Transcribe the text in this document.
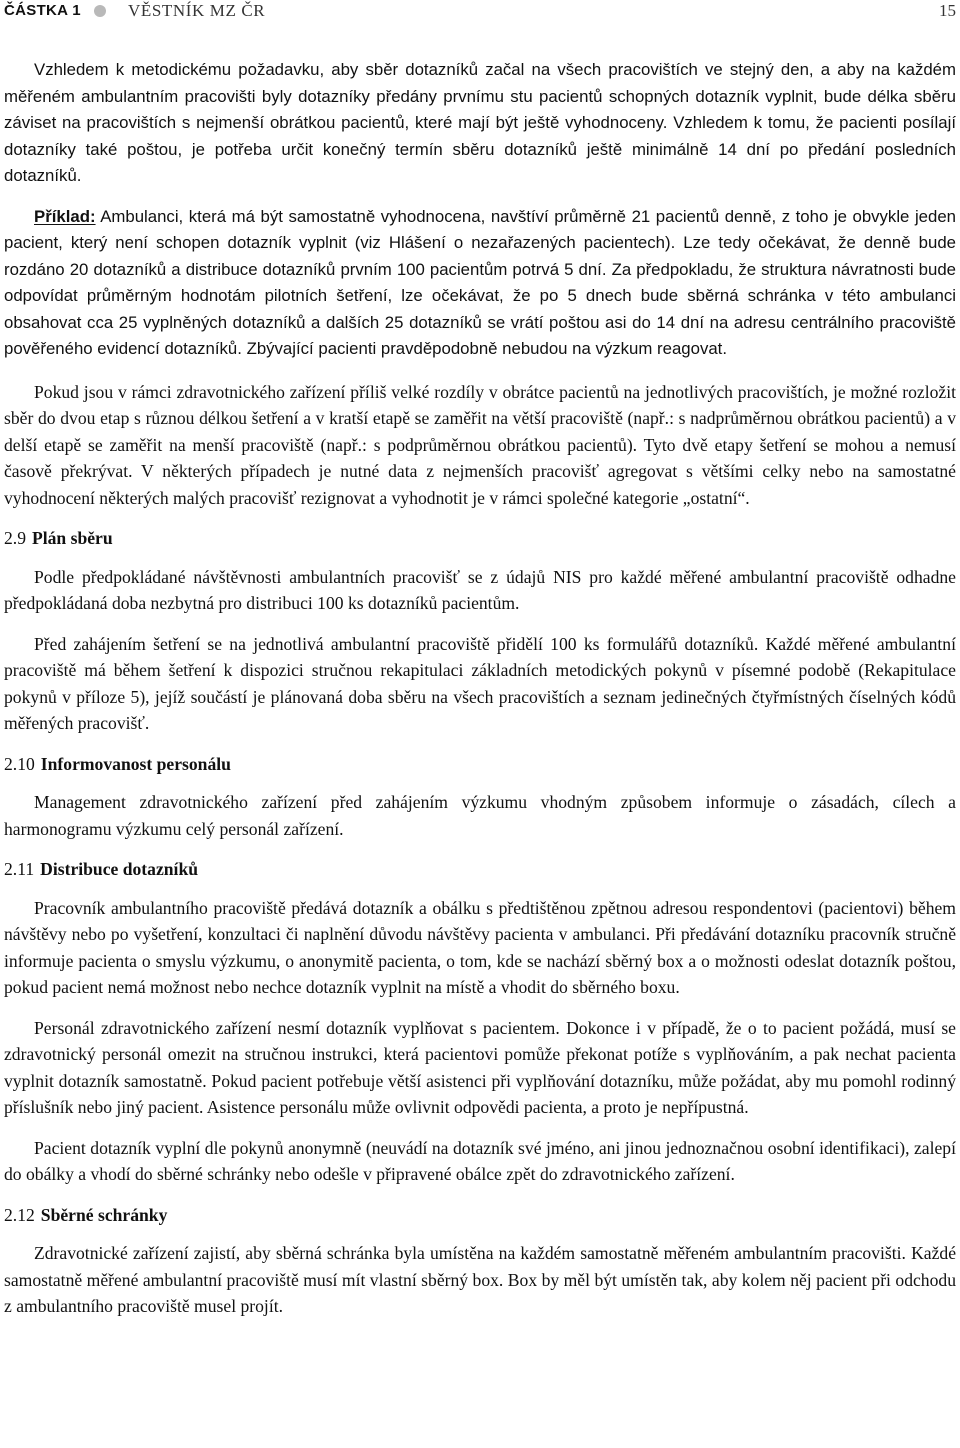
ČÁSTKA 1	VĚSTNÍK MZ ČR	15

Vzhledem k metodickému požadavku, aby sběr dotazníků začal na všech pracovištích ve stejný den, a aby na každém měřeném ambulantním pracovišti byly dotazníky předány prvnímu stu pacientů schopných dotazník vyplnit, bude délka sběru záviset na pracovištích s nejmenší obrátkou pacientů, které mají být ještě vyhodnoceny. Vzhledem k tomu, že pacienti posílají dotazníky také poštou, je potřeba určit konečný termín sběru dotazníků ještě minimálně 14 dní po předání posledních dotazníků.

Příklad: Ambulanci, která má být samostatně vyhodnocena, navštíví průměrně 21 pacientů denně, z toho je obvykle jeden pacient, který není schopen dotazník vyplnit (viz Hlášení o nezařazených pacientech). Lze tedy očekávat, že denně bude rozdáno 20 dotazníků a distribuce dotazníků prvním 100 pacientům potrvá 5 dní. Za předpokladu, že struktura návratnosti bude odpovídat průměrným hodnotám pilotních šetření, lze očekávat, že po 5 dnech bude sběrná schránka v této ambulanci obsahovat cca 25 vyplněných dotazníků a dalších 25 dotazníků se vrátí poštou asi do 14 dní na adresu centrálního pracoviště pověřeného evidencí dotazníků. Zbývající pacienti pravděpodobně nebudou na výzkum reagovat.

Pokud jsou v rámci zdravotnického zařízení příliš velké rozdíly v obrátce pacientů na jednotlivých pracovištích, je možné rozložit sběr do dvou etap s různou délkou šetření a v kratší etapě se zaměřit na větší pracoviště (např.: s nadprůměrnou obrátkou pacientů) a v delší etapě se zaměřit na menší pracoviště (např.: s podprůměrnou obrátkou pacientů). Tyto dvě etapy šetření se mohou a nemusí časově překrývat. V některých případech je nutné data z nejmenších pracovišť agregovat s většími celky nebo na samostatné vyhodnocení některých malých pracovišť rezignovat a vyhodnotit je v rámci společné kategorie „ostatní“.

2.9 Plán sběru

Podle předpokládané návštěvnosti ambulantních pracovišť se z údajů NIS pro každé měřené ambulantní pracoviště odhadne předpokládaná doba nezbytná pro distribuci 100 ks dotazníků pacientům.

Před zahájením šetření se na jednotlivá ambulantní pracoviště přidělí 100 ks formulářů dotazníků. Každé měřené ambulantní pracoviště má během šetření k dispozici stručnou rekapitulaci základních metodických pokynů v písemné podobě (Rekapitulace pokynů v příloze 5), jejíž součástí je plánovaná doba sběru na všech pracovištích a seznam jedinečných čtyřmístných číselných kódů měřených pracovišť.

2.10 Informovanost personálu

Management zdravotnického zařízení před zahájením výzkumu vhodným způsobem informuje o zásadách, cílech a harmonogramu výzkumu celý personál zařízení.

2.11 Distribuce dotazníků

Pracovník ambulantního pracoviště předává dotazník a obálku s předtištěnou zpětnou adresou respondentovi (pacientovi) během návštěvy nebo po vyšetření, konzultaci či naplnění důvodu návštěvy pacienta v ambulanci. Při předávání dotazníku pracovník stručně informuje pacienta o smyslu výzkumu, o anonymitě pacienta, o tom, kde se nachází sběrný box a o možnosti odeslat dotazník poštou, pokud pacient nemá možnost nebo nechce dotazník vyplnit na místě a vhodit do sběrného boxu.

Personál zdravotnického zařízení nesmí dotazník vyplňovat s pacientem. Dokonce i v případě, že o to pacient požádá, musí se zdravotnický personál omezit na stručnou instrukci, která pacientovi pomůže překonat potíže s vyplňováním, a pak nechat pacienta vyplnit dotazník samostatně. Pokud pacient potřebuje větší asistenci při vyplňování dotazníku, může požádat, aby mu pomohl rodinný příslušník nebo jiný pacient. Asistence personálu může ovlivnit odpovědi pacienta, a proto je nepřípustná.

Pacient dotazník vyplní dle pokynů anonymně (neuvádí na dotazník své jméno, ani jinou jednoznačnou osobní identifikaci), zalepí do obálky a vhodí do sběrné schránky nebo odešle v připravené obálce zpět do zdravotnického zařízení.

2.12 Sběrné schránky

Zdravotnické zařízení zajistí, aby sběrná schránka byla umístěna na každém samostatně měřeném ambulantním pracovišti. Každé samostatně měřené ambulantní pracoviště musí mít vlastní sběrný box. Box by měl být umístěn tak, aby kolem něj pacient při odchodu z ambulantního pracoviště musel projít.
